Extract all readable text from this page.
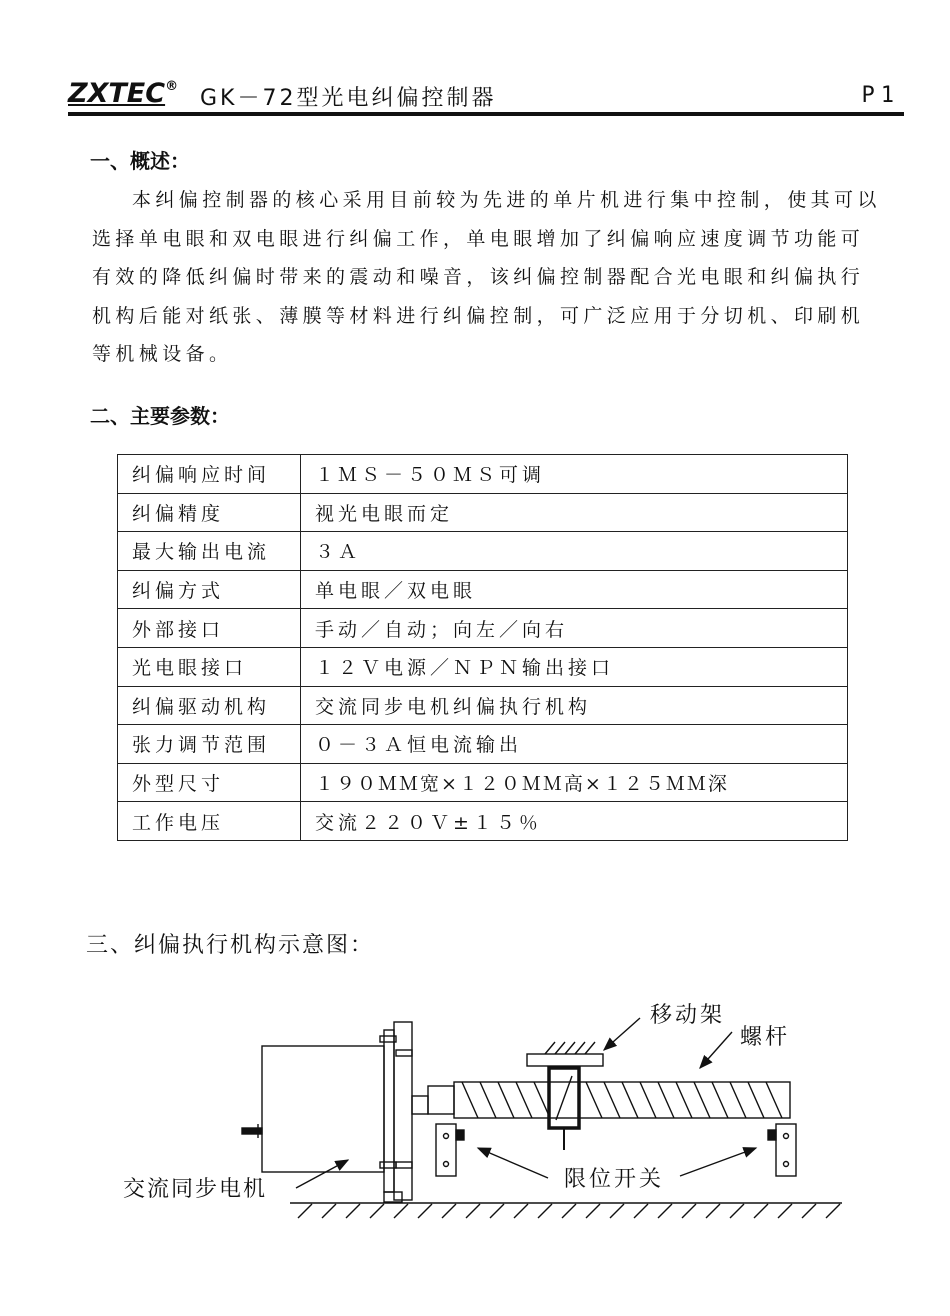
ZXTEC® GK－72型光电纠偏控制器	P1
一、概述：
本纠偏控制器的核心采用目前较为先进的单片机进行集中控制，使其可以选择单电眼和双电眼进行纠偏工作，单电眼增加了纠偏响应速度调节功能可有效的降低纠偏时带来的震动和噪音，该纠偏控制器配合光电眼和纠偏执行机构后能对纸张、薄膜等材料进行纠偏控制，可广泛应用于分切机、印刷机等机械设备。
二、主要参数：
纠偏响应时间	１ＭＳ－５０ＭＳ可调
纠偏精度	视光电眼而定
最大输出电流	３Ａ
纠偏方式	单电眼／双电眼
外部接口	手动／自动；向左／向右
光电眼接口	１２Ｖ电源／ＮＰＮ输出接口
纠偏驱动机构	交流同步电机纠偏执行机构
张力调节范围	０－３Ａ恒电流输出
外型尺寸	１９０ＭＭ宽×１２０ＭＭ高×１２５ＭＭ深
工作电压	交流２２０Ｖ±１５％
三、纠偏执行机构示意图：
移动架
螺杆
交流同步电机	限位开关
